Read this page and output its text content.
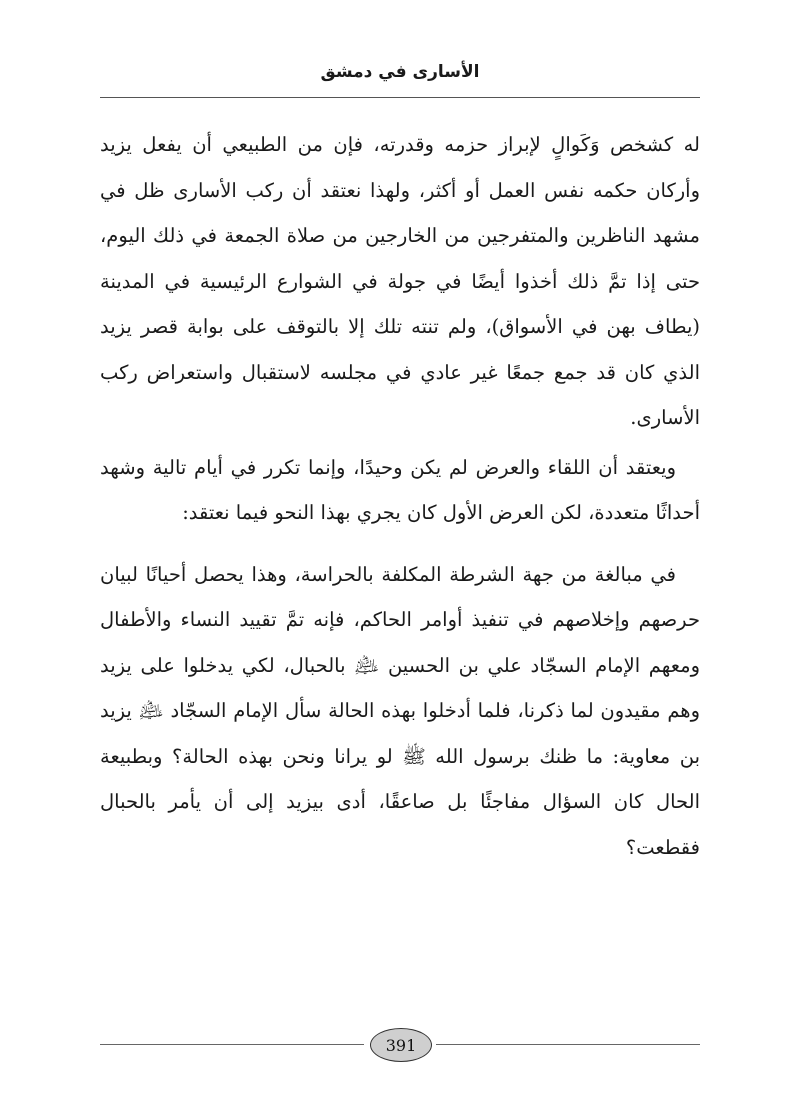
الأسارى في دمشق

له كشخص وَكَوالٍ لإبراز حزمه وقدرته، فإن من الطبيعي أن يفعل يزيد وأركان حكمه نفس العمل أو أكثر، ولهذا نعتقد أن ركب الأسارى ظل في مشهد الناظرين والمتفرجين من الخارجين من صلاة الجمعة في ذلك اليوم، حتى إذا تمَّ ذلك أخذوا أيضًا في جولة في الشوارع الرئيسية في المدينة (يطاف بهن في الأسواق)، ولم تنته تلك إلا بالتوقف على بوابة قصر يزيد الذي كان قد جمع جمعًا غير عادي في مجلسه لاستقبال واستعراض ركب الأسارى.

ويعتقد أن اللقاء والعرض لم يكن وحيدًا، وإنما تكرر في أيام تالية وشهد أحداثًا متعددة، لكن العرض الأول كان يجري بهذا النحو فيما نعتقد:

في مبالغة من جهة الشرطة المكلفة بالحراسة، وهذا يحصل أحيانًا لبيان حرصهم وإخلاصهم في تنفيذ أوامر الحاكم، فإنه تمَّ تقييد النساء والأطفال ومعهم الإمام السجّاد علي بن الحسين ﵇ بالحبال، لكي يدخلوا على يزيد وهم مقيدون لما ذكرنا، فلما أدخلوا بهذه الحالة سأل الإمام السجّاد ﵇ يزيد بن معاوية: ما ظنك برسول الله ﷺ لو يرانا ونحن بهذه الحالة؟ وبطبيعة الحال كان السؤال مفاجئًا بل صاعقًا، أدى بيزيد إلى أن يأمر بالحبال فقطعت؟

391
